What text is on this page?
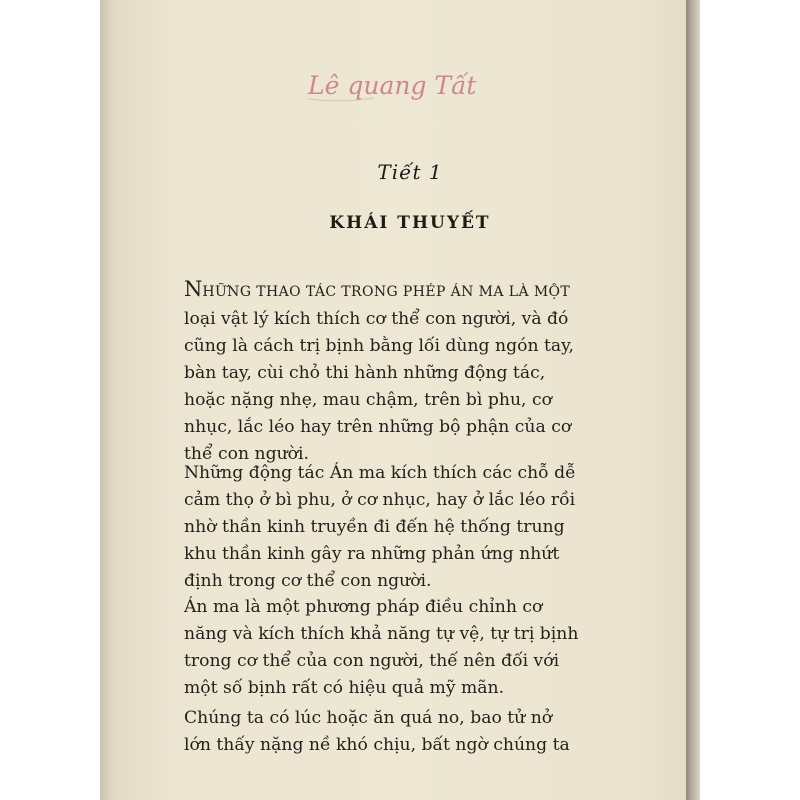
Lê quang Tất
Tiết 1
KHÁI THUYẾT
NHỮNG THAO TÁC TRONG PHÉP ÁN MA LÀ MỘT loại vật lý kích thích cơ thể con người, và đó cũng là cách trị bịnh bằng lối dùng ngón tay, bàn tay, cùi chỏ thi hành những động tác, hoặc nặng nhẹ, mau chậm, trên bì phu, cơ nhục, lắc léo hay trên những bộ phận của cơ thể con người.
Những động tác Án ma kích thích các chỗ dễ cảm thọ ở bì phu, ở cơ nhục, hay ở lắc léo rồi nhờ thần kinh truyền đi đến hệ thống trung khu thần kinh gây ra những phản ứng nhứt định trong cơ thể con người.
Án ma là một phương pháp điều chỉnh cơ năng và kích thích khả năng tự vệ, tự trị bịnh trong cơ thể của con người, thế nên đối với một số bịnh rất có hiệu quả mỹ mãn.
Chúng ta có lúc hoặc ăn quá no, bao tử nở lớn thấy nặng nề khó chịu, bất ngờ chúng ta
